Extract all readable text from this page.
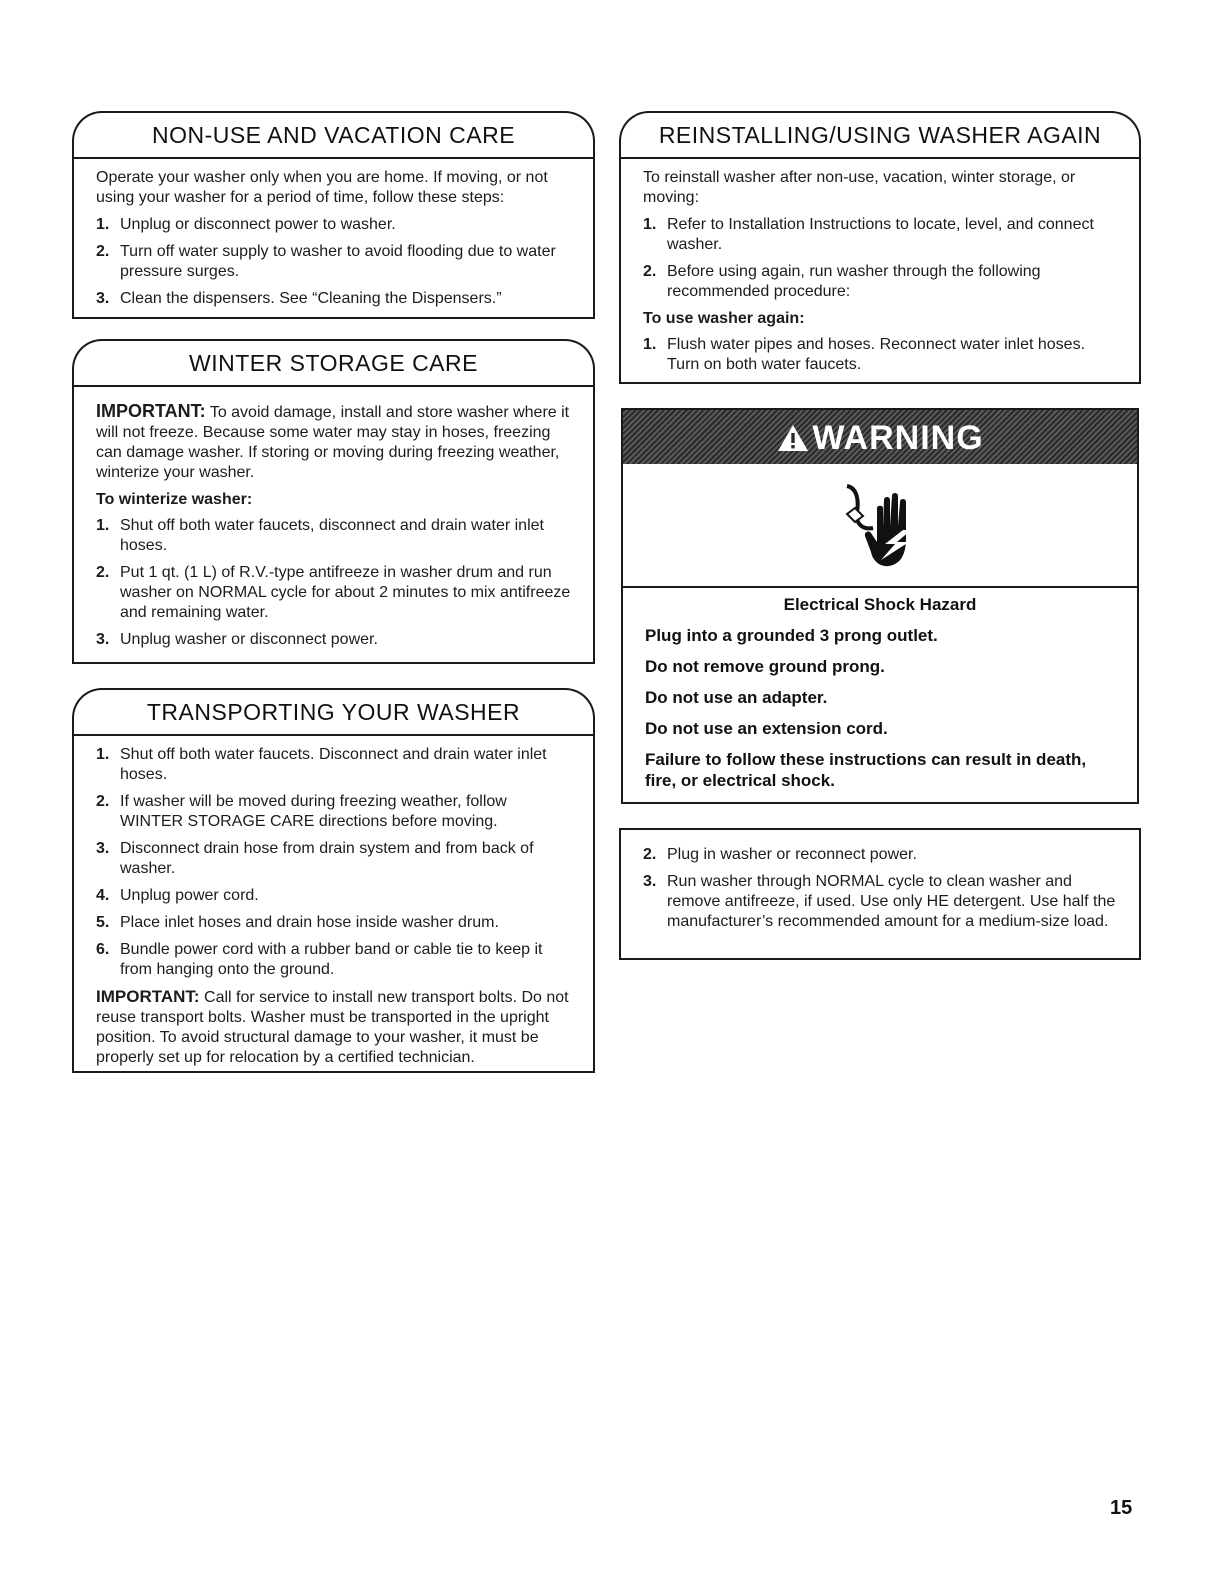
NON-USE AND VACATION CARE

Operate your washer only when you are home. If moving, or not using your washer for a period of time, follow these steps:

1. Unplug or disconnect power to washer.
2. Turn off water supply to washer to avoid flooding due to water pressure surges.
3. Clean the dispensers. See “Cleaning the Dispensers.”
WINTER STORAGE CARE

IMPORTANT: To avoid damage, install and store washer where it will not freeze. Because some water may stay in hoses, freezing can damage washer. If storing or moving during freezing weather, winterize your washer.

To winterize washer:
1. Shut off both water faucets, disconnect and drain water inlet hoses.
2. Put 1 qt. (1 L) of R.V.-type antifreeze in washer drum and run washer on NORMAL cycle for about 2 minutes to mix antifreeze and remaining water.
3. Unplug washer or disconnect power.
TRANSPORTING YOUR WASHER
1. Shut off both water faucets. Disconnect and drain water inlet hoses.
2. If washer will be moved during freezing weather, follow WINTER STORAGE CARE directions before moving.
3. Disconnect drain hose from drain system and from back of washer.
4. Unplug power cord.
5. Place inlet hoses and drain hose inside washer drum.
6. Bundle power cord with a rubber band or cable tie to keep it from hanging onto the ground.

IMPORTANT: Call for service to install new transport bolts. Do not reuse transport bolts. Washer must be transported in the upright position. To avoid structural damage to your washer, it must be properly set up for relocation by a certified technician.

REINSTALLING/USING WASHER AGAIN

To reinstall washer after non-use, vacation, winter storage, or moving:

1. Refer to Installation Instructions to locate, level, and connect washer.
2. Before using again, run washer through the following recommended procedure:
To use washer again:
1. Flush water pipes and hoses. Reconnect water inlet hoses. Turn on both water faucets.
WARNING
Electrical Shock Hazard

Plug into a grounded 3 prong outlet.

Do not remove ground prong.

Do not use an adapter.

Do not use an extension cord.

Failure to follow these instructions can result in death, fire, or electrical shock.

2. Plug in washer or reconnect power.
3. Run washer through NORMAL cycle to clean washer and remove antifreeze, if used. Use only HE detergent. Use half the manufacturer’s recommended amount for a medium-size load.
15
